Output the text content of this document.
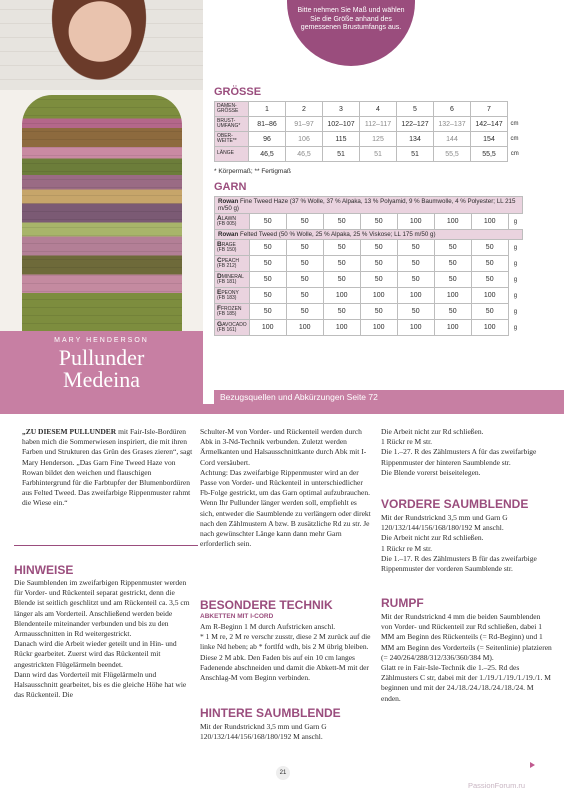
MARY HENDERSON
Pullunder
Medeina
Bitte nehmen Sie Maß und wählen Sie die Größe anhand des gemessenen Brustumfangs aus.
GRÖSSE
DAMEN-GRÖSSE	1	2	3	4	5	6	7	
BRUST-UMFANG*	81–86	91–97	102–107	112–117	122–127	132–137	142–147	cm
OBER-WEITE**	96	106	115	125	134	144	154	cm
LÄNGE	46,5	46,5	51	51	51	55,5	55,5	cm
* Körpermaß; ** Fertigmaß
GARN
Rowan Fine Tweed Haze (37 % Wolle, 37 % Alpaka, 13 % Polyamid, 9 % Baumwolle, 4 % Polyester; LL 215 m/50 g)								
ALAWN
(FB 005)	50	50	50	50	100	100	100	g
Rowan Felted Tweed (50 % Wolle, 25 % Alpaka, 25 % Viskose; LL 175 m/50 g)								
BRAGE
(FB 150)	50	50	50	50	50	50	50	g
CPEACH
(FB 212)	50	50	50	50	50	50	50	g
DMINERAL
(FB 181)	50	50	50	50	50	50	50	g
EPEONY
(FB 183)	50	50	100	100	100	100	100	g
FFROZEN
(FB 185)	50	50	50	50	50	50	50	g
GAVOCADO
(FB 161)	100	100	100	100	100	100	100	g
Bezugsquellen und Abkürzungen Seite 72
„ZU DIESEM PULLUNDER mit Fair-Isle-Bordüren haben mich die Sommerwiesen inspiriert, die mit ihren Farben und Strukturen das Grün des Grases zieren“, sagt Mary Henderson. „Das Garn Fine Tweed Haze von Rowan bildet den weichen und flauschigen Farbhintergrund für die Farbtupfer der Blumenbordüren aus Felted Tweed. Das zweifarbige Rippenmuster rahmt die Wiese ein.“
HINWEISE
Die Saumblenden im zweifarbigen Rippenmuster werden für Vorder- und Rückenteil separat gestrickt, denn die Blende ist seitlich geschlitzt und am Rückenteil ca. 3,5 cm länger als am Vorderteil. Anschließend werden beide Blendenteile miteinander verbunden und bis zu den Armausschnitten in Rd weitergestrickt.
Danach wird die Arbeit wieder geteilt und in Hin- und Rückr gearbeitet. Zuerst wird das Rückenteil mit angestrickten Flügelärmeln beendet.
Dann wird das Vorderteil mit Flügelärmeln und Halsausschnitt gearbeitet, bis es die gleiche Höhe hat wie das Rückenteil. Die
Schulter-M von Vorder- und Rückenteil werden durch Abk in 3-Nd-Technik verbunden. Zuletzt werden Ärmelkanten und Halsausschnittkante durch Abk mit I-Cord versäubert.
Achtung: Das zweifarbige Rippenmuster wird an der Passe von Vorder- und Rückenteil in unterschiedlicher Fb-Folge gestrickt, um das Garn optimal aufzubrauchen.
Wenn Ihr Pullunder länger werden soll, empfiehlt es sich, entweder die Saumblende zu verlängern oder direkt nach den Zählmustern A bzw. B zusätzliche Rd zu str. Je nach gewünschter Länge kann dann mehr Garn erforderlich sein.
BESONDERE TECHNIK
ABKETTEN MIT I-CORD
Am R-Beginn 1 M durch Aufstricken anschl.
* 1 M re, 2 M re verschr zusstr, diese 2 M zurück auf die linke Nd heben; ab * fortlfd wdh, bis 2 M übrig bleiben. Diese 2 M abk. Den Faden bis auf ein 10 cm langes Fadenende abschneiden und damit die Abkett-M mit der Anschlag-M vom Beginn verbinden.
HINTERE SAUMBLENDE
Mit der Rundstricknd 3,5 mm und Garn G 120/132/144/156/168/180/192 M anschl.
Die Arbeit nicht zur Rd schließen.
1 Rückr re M str.
Die 1.–27. R des Zählmusters A für das zweifarbige Rippenmuster der hinteren Saumblende str.
Die Blende vorerst beiseitelegen.
VORDERE SAUMBLENDE
Mit der Rundstricknd 3,5 mm und Garn G 120/132/144/156/168/180/192 M anschl.
Die Arbeit nicht zur Rd schließen.
1 Rückr re M str.
Die 1.–17. R des Zählmusters B für das zweifarbige Rippenmuster der vorderen Saumblende str.
RUMPF
Mit der Rundstricknd 4 mm die beiden Saumblenden von Vorder- und Rückenteil zur Rd schließen, dabei 1 MM am Beginn des Rückenteils (= Rd-Beginn) und 1 MM am Beginn des Vorderteils (= Seitenlinie) platzieren (= 240/264/288/312/336/360/384 M).
Glatt re in Fair-Isle-Technik die 1.–25. Rd des Zählmusters C str, dabei mit der 1./19./1./19./1./19./1. M beginnen und mit der 24./18./24./18./24./18./24. M enden.
21
PassionForum.ru
